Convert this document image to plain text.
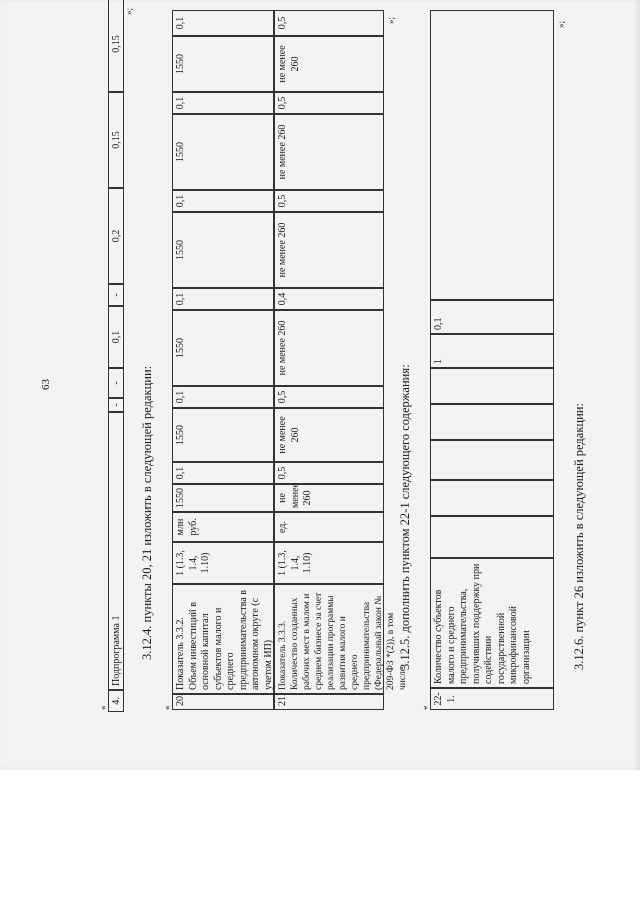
63
«
4.
Подпрограмма 1
-
-
0,1
-
0,2
0,15
0,15
»;
3.12.4. пункты 20, 21 изложить в следующей редакции:
«
20.
Показатель 3.3.2. Объем инвестиций в основной капитал субъектов малого и среднего предпринимательства в автономном округе (с учетом ИП)
1 (1.3, 1.4, 1.10)
млн руб.
1550
0,1
1550
0,1
1550
0,1
1550
0,1
1550
0,1
1550
0,1
21.
Показатель 3.3.3. Количество созданных рабочих мест в малом и среднем бизнесе за счет реализации программы развития малого и среднего предпринимательства (Федеральный закон № 209-ФЗ *(2)), в том числе
1 (1.3, 1.4, 1.10)
ед.
не менее 260
0,5
не менее 260
0,5
не менее 260
0,4
не менее 260
0,5
не менее 260
0,5
не менее 260
0,5	»;
3.12.5. дополнить пунктом 22-1 следующего содержания:
«
22-1.
Количество субъектов малого и среднего предпринимательства, получивших поддержку при содействии государственной микрофинансовой организации
1
0,1
»;
3.12.6. пункт 26 изложить в следующей редакции:
